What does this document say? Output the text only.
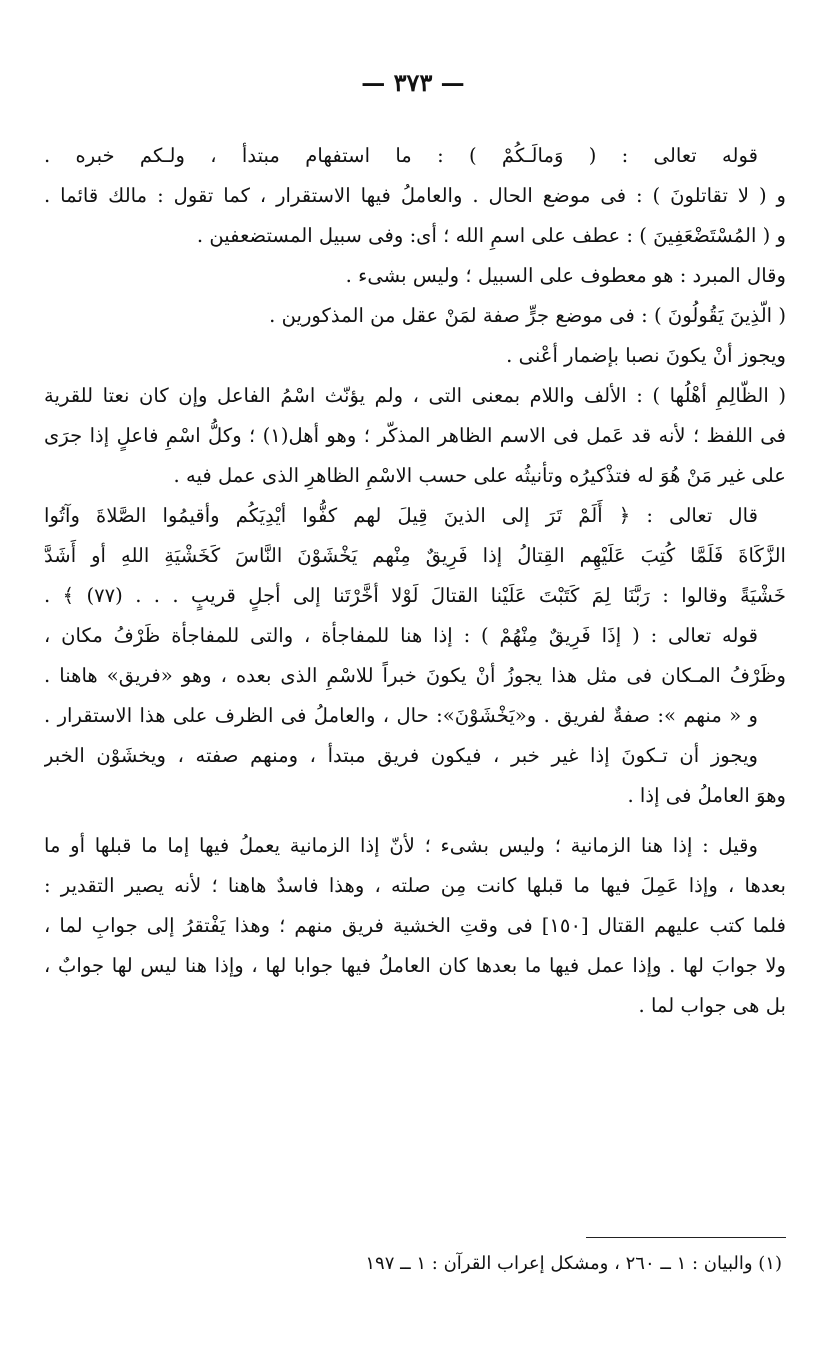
— ٣٧٣ —
قوله تعالى : ( وَمالَـكُمْ ) : ما استفهام مبتدأ ، ولـكم خبره .
و ( لا تقاتلونَ ) : فى موضع الحال . والعاملُ فيها الاستقرار ، كما تقول : مالك قائما .
و ( المُسْتَضْعَفِينَ ) : عطف على اسمِ الله ؛ أى: وفى سبيل المستضعفين .
وقال المبرد : هو معطوف على السبيل ؛ وليس بشىء .
( الّذِينَ يَقُولُونَ ) : فى موضع جرٍّ صفة لمَنْ عقل من المذكورين .
ويجوز أنْ يكونَ نصبا بإضمار أعْنى .
( الظّالِمِ أهْلُها ) : الألف واللام بمعنى التى ، ولم يؤنّث اسْمُ الفاعل وإن كان نعتا للقرية
فى اللفظ ؛ لأنه قد عَمل فى الاسم الظاهر المذكّر ؛ وهو أهل(١) ؛ وكلُّ اسْمِ فاعلٍ إذا جرَى
على غير مَنْ هُوَ له فتذْكيرُه وتأنيثُه على حسب الاسْمِ الظاهرِ الذى عمل فيه .
قال تعالى : ﴿ أَلَمْ تَرَ إلى الذينَ قِيلَ لهم كفُّوا أيْدِيَكُم وأقيمُوا الصَّلاةَ وآتُوا
الزَّكَاةَ فَلَمَّا كُتِبَ عَلَيْهِم القِتالُ إذا فَرِيقٌ مِنْهم يَخْشَوْنَ النَّاسَ كَخَشْيَةِ اللهِ أو أَشَدَّ
خَشْيَةً وقالوا : رَبَّنَا لِمَ كَتَبْتَ عَلَيْنا القتالَ لَوْلا أخَّرْتَنا إلى أجلٍ قريبٍ . . . (٧٧) ﴾ .
قوله تعالى : ( إذَا فَرِيقٌ مِنْهُمْ ) : إذا هنا للمفاجأة ، والتى للمفاجأة ظَرْفُ مكان ،
وظَرْفُ المـكان فى مثل هذا يجوزُ أنْ يكونَ خبراً للاسْمِ الذى بعده ، وهو «فريق» هاهنا .
و « منهم »: صفةٌ لفريق . و«يَخْشَوْنَ»: حال ، والعاملُ فى الظرف على هذا الاستقرار .
ويجوز أن تـكونَ إذا غير خبر ، فيكون فريق مبتدأ ، ومنهم صفته ، ويخشَوْن الخبر
وهوَ العاملُ فى إذا .
وقيل : إذا هنا الزمانية ؛ وليس بشىء ؛ لأنّ إذا الزمانية يعملُ فيها إما ما قبلها أو ما
بعدها ، وإذا عَمِلَ فيها ما قبلها كانت مِن صلته ، وهذا فاسدٌ هاهنا ؛ لأنه يصير التقدير :
فلما كتب عليهم القتال [١٥٠] فى وقتِ الخشية فريق منهم ؛ وهذا يَفْتقرُ إلى جوابِ لما ،
ولا جوابَ لها . وإذا عمل فيها ما بعدها كان العاملُ فيها جوابا لها ، وإذا هنا ليس لها جوابٌ ،
بل هى جواب لما .
(١) والبيان : ١ ــ ٢٦٠ ، ومشكل إعراب القرآن : ١ ــ ١٩٧
